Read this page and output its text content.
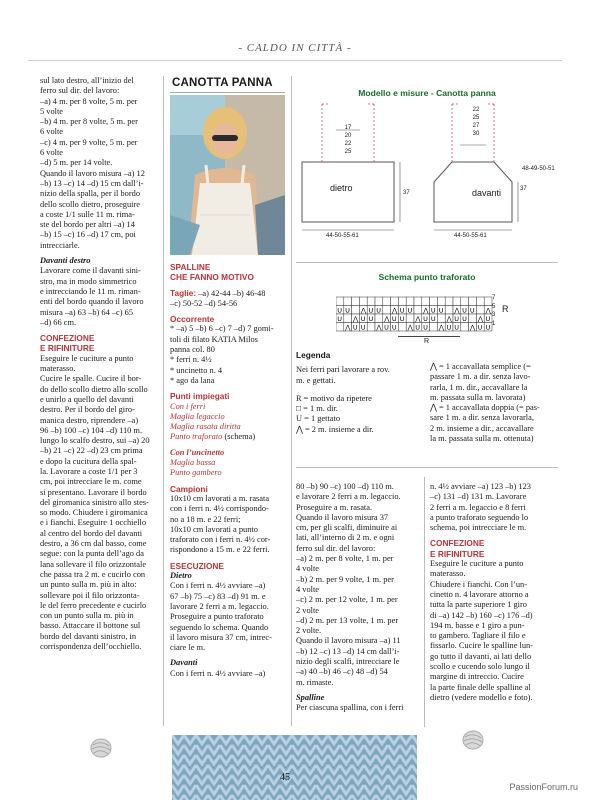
- CALDO IN CITTÀ -

sul lato destro, all’inizio del

ferro sul dir. del lavoro:

–a) 4 m. per 8 volte, 5 m. per

5 volte

–b) 4 m. per 8 volte, 5 m. per

6 volte

–c) 4 m. per 9 volte, 5 m. per

6 volte

–d) 5 m. per 14 volte.

Quando il lavoro misura –a) 12

–b) 13 –c) 14 –d) 15 cm dall’i-

nizio della spalla, per il bordo

dello scollo dietro, proseguire

a coste 1/1 sulle 11 m. rima-

ste del bordo per altri –a) 14

–b) 15 –c) 16 –d) 17 cm, poi

intrecciarle.

Davanti destro

Lavorare come il davanti sini-

stro, ma in modo simmetrico

e intrecciando le 11 m. riman-

enti del bordo quando il lavoro

misura –a) 63 –b) 64 –c) 65

–d) 66 cm.

CONFEZIONE

E RIFINITURE

Eseguire le cuciture a punto

materasso.

Cucire le spalle. Cucire il bor-

do dello scollo dietro allo scollo

e unirlo a quello del davanti

destro. Per il bordo del giro-

manica destro, riprendere –a)

96 –b) 100 –c) 104 –d) 110 m.

lungo lo scalfo destro, sui –a) 20

–b) 21 –c) 22 –d) 23 cm prima

e dopo la cucitura della spal-

la. Lavorare a coste 1/1 per 3

cm, poi intrecciare le m. come

si presentano. Lavorare il bordo

del giromanica sinistro allo stes-

so modo. Chiudere i giromanica

e i fianchi. Eseguire 1 occhiello

al centro del bordo del davanti

destro, a 36 cm dal basso, come

segue: con la punta dell’ago da

lana sollevare il filo orizzontale

che passa tra 2 m. e cucirlo con

un punto sulla m. più in alto:

sollevare poi il filo orizzonta-

le del ferro precedente e cucirlo

con un punto sulla m. più in

basso. Attaccare il bottone sul

bordo del davanti sinistro, in

corrispondenza dell’occhiello.

CANOTTA PANNA

SPALLINE

CHE FANNO MOTIVO

Taglie: –a) 42-44 –b) 46-48

–c) 50-52 –d) 54-56

Occorrente

* –a) 5 –b) 6 –c) 7 –d) 7 gomi-

toli di filato KATIA Milos

panna col. 80

* ferri n. 4½

* uncinetto n. 4

* ago da lana

Punti impiegati

Con i ferri

Maglia legaccio

Maglia rasata diritta

Punto traforato (schema)

Con l’uncinetto

Maglia bassa

Punto gambero

Campioni

10x10 cm lavorati a m. rasata

con i ferri n. 4½ corrispondo-

no a 18 m. e 22 ferri;

10x10 cm lavorati a punto

traforato con i ferri n. 4½ cor-

rispondono a 15 m. e 22 ferri.

ESECUZIONE

Dietro

Con i ferri n. 4½ avviare –a)

67 –b) 75 –c) 83 –d) 91 m. e

lavorare 2 ferri a m. legaccio.

Proseguire a punto traforato

seguendo lo schema. Quando

il lavoro misura 37 cm, intrec-

ciare le m.

Davanti

Con i ferri n. 4½ avviare –a)

Modello e misure - Canotta panna
17
20
22
25
22
25
27
30
48-49-50-51
37
37
dietro	davanti
44-50-55-61	44-50-55-61
Schema punto traforato
U U ⋀ U U ⋀ U U ⋀ U U ⋀ U U ⋀
U ⋀ U U ⋀ U U ⋀ U U ⋀ U U ⋀ U
⋀ U U ⋀ U U ⋀ U U ⋀ U U ⋀ U U
7
5
3
1
R
R

Legenda

Nei ferri pari lavorare a rov.

m. e gettati.

R = motivo da ripetere

□ = 1 m. dir.

U = 1 gettato

⋀ = 2 m. insieme a dir.

⋀ = 1 accavallata semplice (=

passare 1 m. a dir. senza lavo-

rarla, 1 m. dir., accavallare la

m. passata sulla m. lavorata)

⋀ = 1 accavallata doppia (= pas-

sare 1 m. a dir. senza lavorarla,

2 m. insieme a dir., accavallare

la m. passata sulla m. ottenuta)

80 –b) 90 –c) 100 –d) 110 m.

e lavorare 2 ferri a m. legaccio.

Proseguire a m. rasata.

Quando il lavoro misura 37

cm, per gli scalfi, diminuire ai

lati, all’interno di 2 m. e ogni

ferro sul dir. del lavoro:

–a) 2 m. per 8 volte, 1 m. per

4 volte

–b) 2 m. per 9 volte, 1 m. per

4 volte

–c) 2 m. per 12 volte, 1 m. per

2 volte

–d) 2 m. per 13 volte, 1 m. per

2 volte.

Quando il lavoro misura –a) 11

–b) 12 –c) 13 –d) 14 cm dall’i-

nizio degli scalfi, intrecciare le

–a) 40 –b) 46 –c) 48 –d) 54

m. rimaste.

Spalline

Per ciascuna spallina, con i ferri

n. 4½ avviare –a) 123 –b) 123

–c) 131 –d) 131 m. Lavorare

2 ferri a m. legaccio e 8 ferri

a punto traforato seguendo lo

schema, poi intrecciare le m.

CONFEZIONE

E RIFINITURE

Eseguire le cuciture a punto

materasso.

Chiudere i fianchi. Con l’un-

cinetto n. 4 lavorare attorno a

tutta la parte superiore 1 giro

di –a) 142 –b) 160 –c) 176 –d)

194 m. basse e 1 giro a pun-

to gambero. Tagliare il filo e

fissarlo. Cucire le spalline lun-

go tutto il davanti, ai lati dello

scollo e cucendo solo lungo il

margine di intreccio. Cucire

la parte finale delle spalline al

dietro (vedere modello e foto).

45
PassionForum.ru
